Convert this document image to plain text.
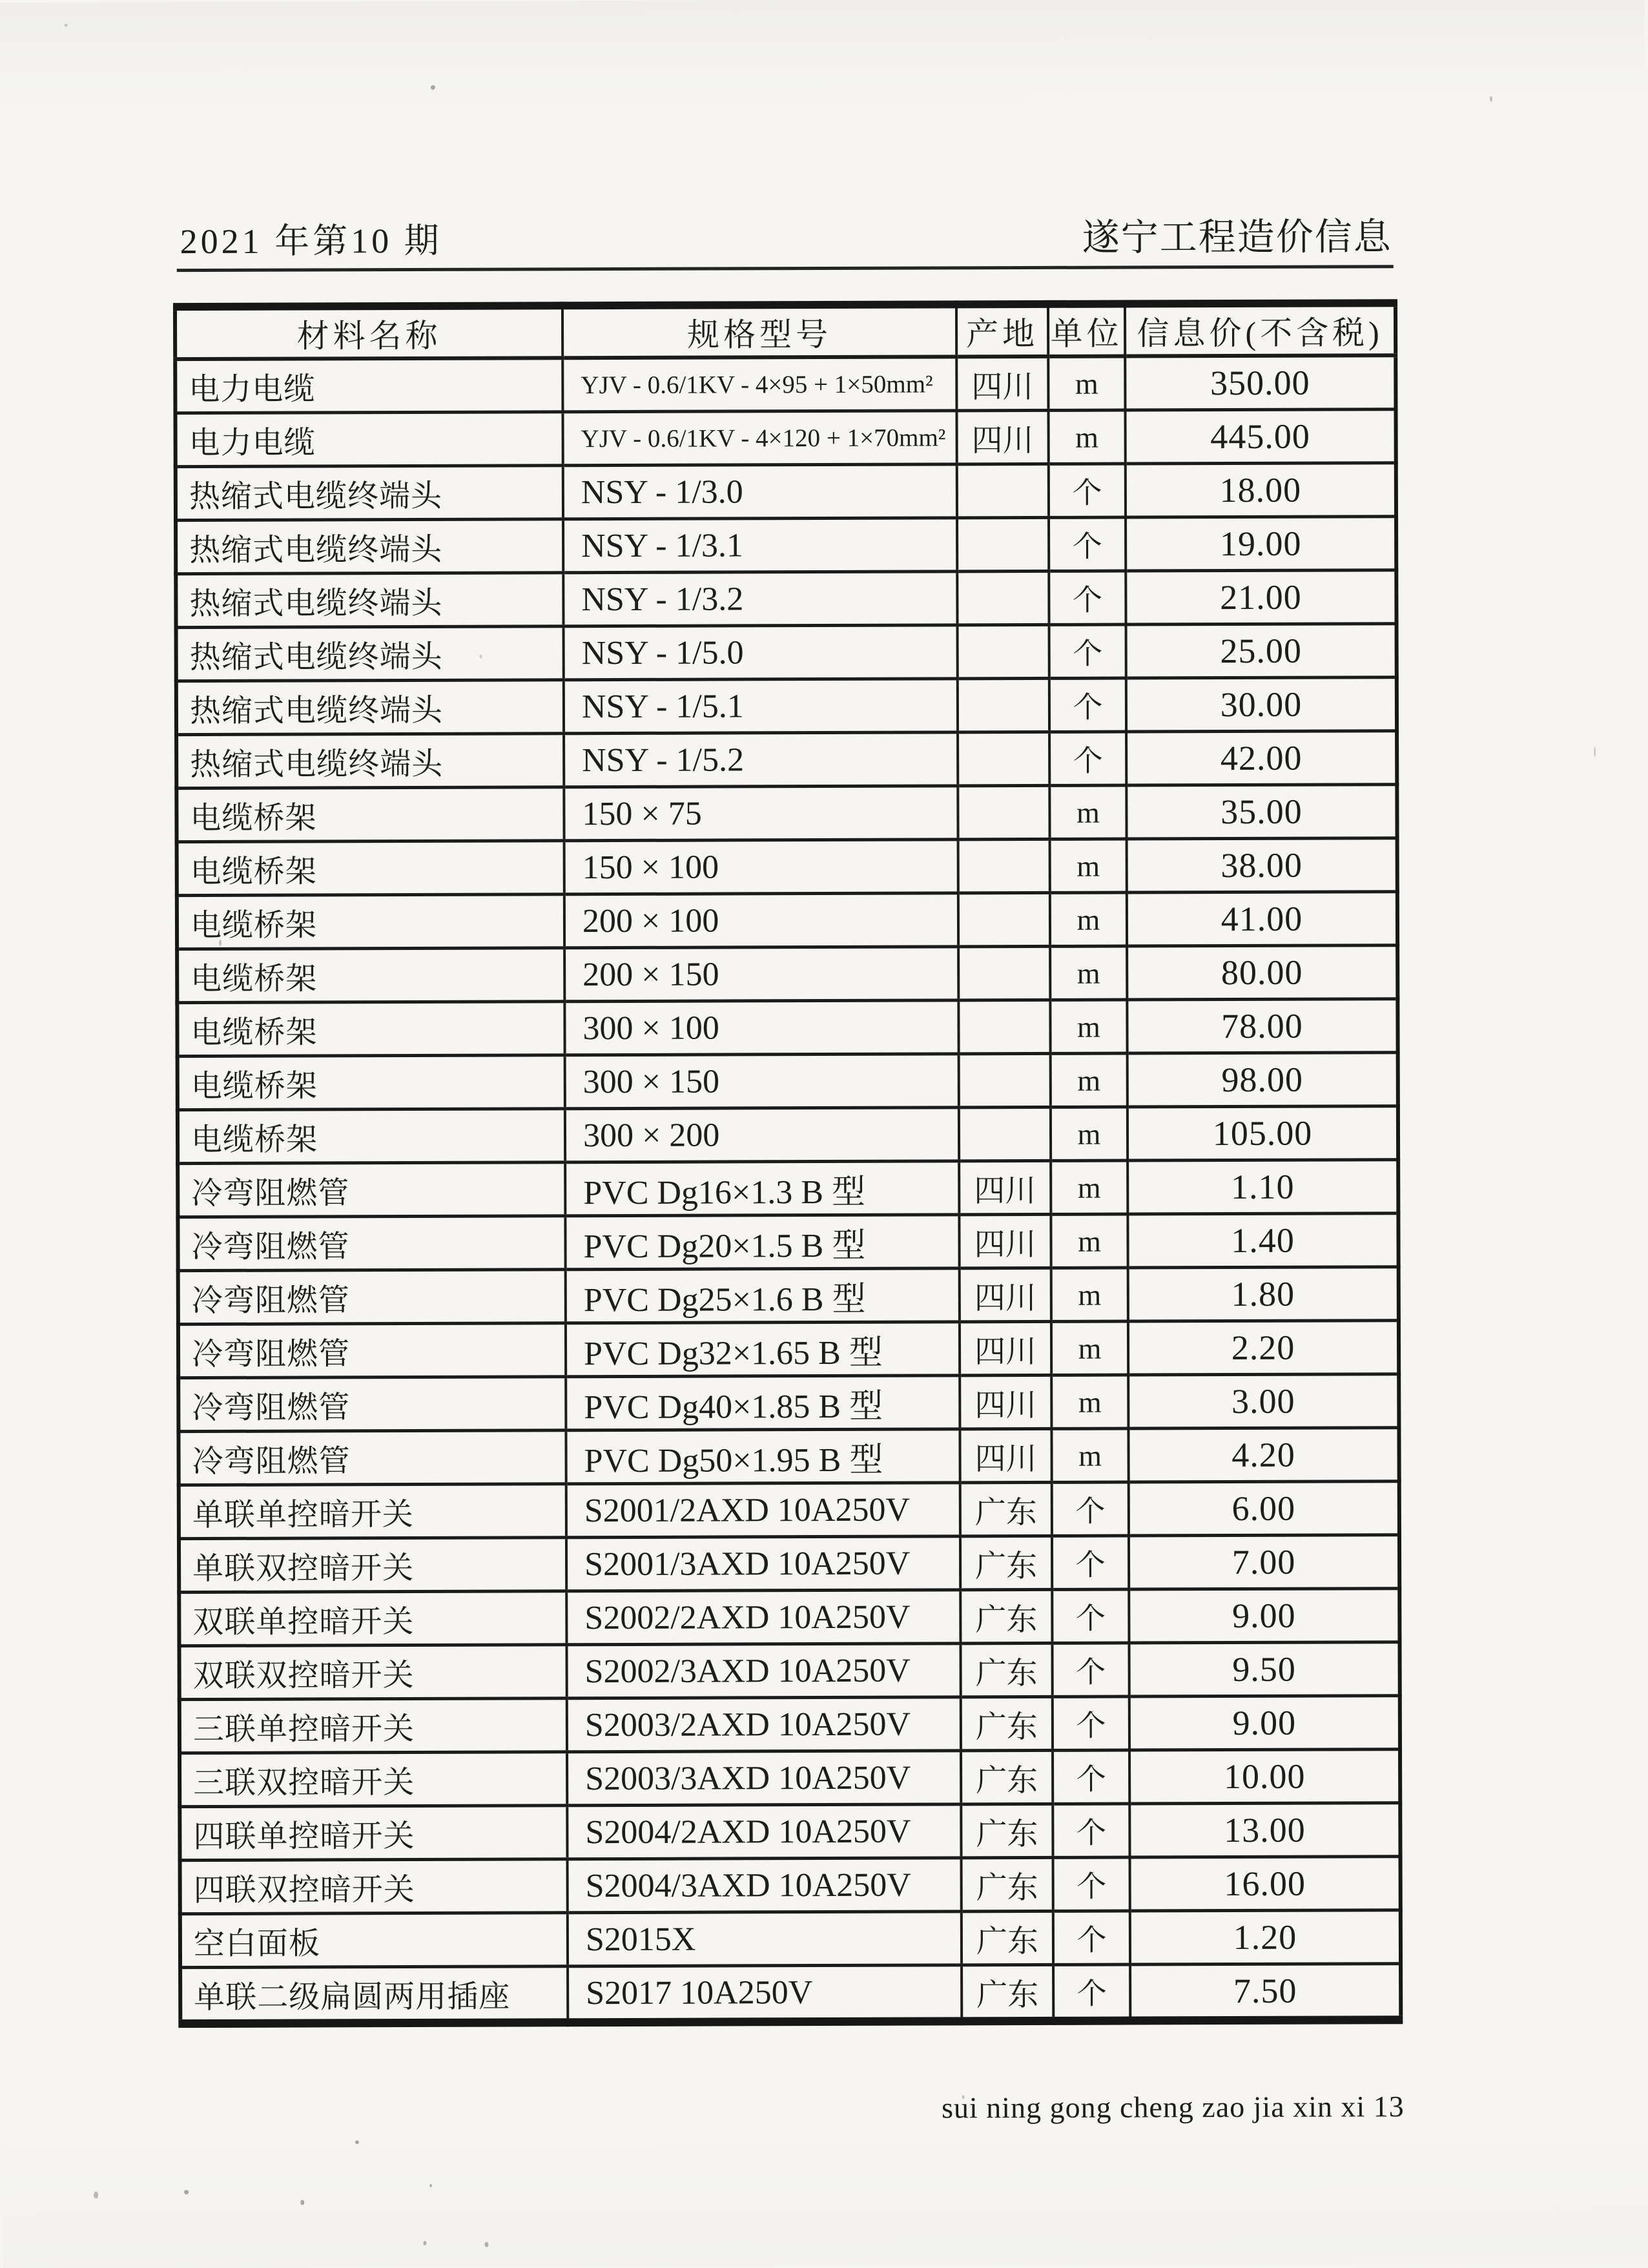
2021 年第10 期	遂宁工程造价信息
材料名称	规格型号	产地	单位	信息价(不含税)
电力电缆	YJV - 0.6/1KV - 4×95 + 1×50mm²	四川	m	350.00
电力电缆	YJV - 0.6/1KV - 4×120 + 1×70mm²	四川	m	445.00
热缩式电缆终端头	NSY - 1/3.0		个	18.00
热缩式电缆终端头	NSY - 1/3.1		个	19.00
热缩式电缆终端头	NSY - 1/3.2		个	21.00
热缩式电缆终端头	NSY - 1/5.0		个	25.00
热缩式电缆终端头	NSY - 1/5.1		个	30.00
热缩式电缆终端头	NSY - 1/5.2		个	42.00
电缆桥架	150 × 75		m	35.00
电缆桥架	150 × 100		m	38.00
电缆桥架	200 × 100		m	41.00
电缆桥架	200 × 150		m	80.00
电缆桥架	300 × 100		m	78.00
电缆桥架	300 × 150		m	98.00
电缆桥架	300 × 200		m	105.00
冷弯阻燃管	PVC Dg16×1.3 B 型	四川	m	1.10
冷弯阻燃管	PVC Dg20×1.5 B 型	四川	m	1.40
冷弯阻燃管	PVC Dg25×1.6 B 型	四川	m	1.80
冷弯阻燃管	PVC Dg32×1.65 B 型	四川	m	2.20
冷弯阻燃管	PVC Dg40×1.85 B 型	四川	m	3.00
冷弯阻燃管	PVC Dg50×1.95 B 型	四川	m	4.20
单联单控暗开关	S2001/2AXD 10A250V	广东	个	6.00
单联双控暗开关	S2001/3AXD 10A250V	广东	个	7.00
双联单控暗开关	S2002/2AXD 10A250V	广东	个	9.00
双联双控暗开关	S2002/3AXD 10A250V	广东	个	9.50
三联单控暗开关	S2003/2AXD 10A250V	广东	个	9.00
三联双控暗开关	S2003/3AXD 10A250V	广东	个	10.00
四联单控暗开关	S2004/2AXD 10A250V	广东	个	13.00
四联双控暗开关	S2004/3AXD 10A250V	广东	个	16.00
空白面板	S2015X	广东	个	1.20
单联二级扁圆两用插座	S2017 10A250V	广东	个	7.50
sui ning gong cheng zao jia xin xi 13
